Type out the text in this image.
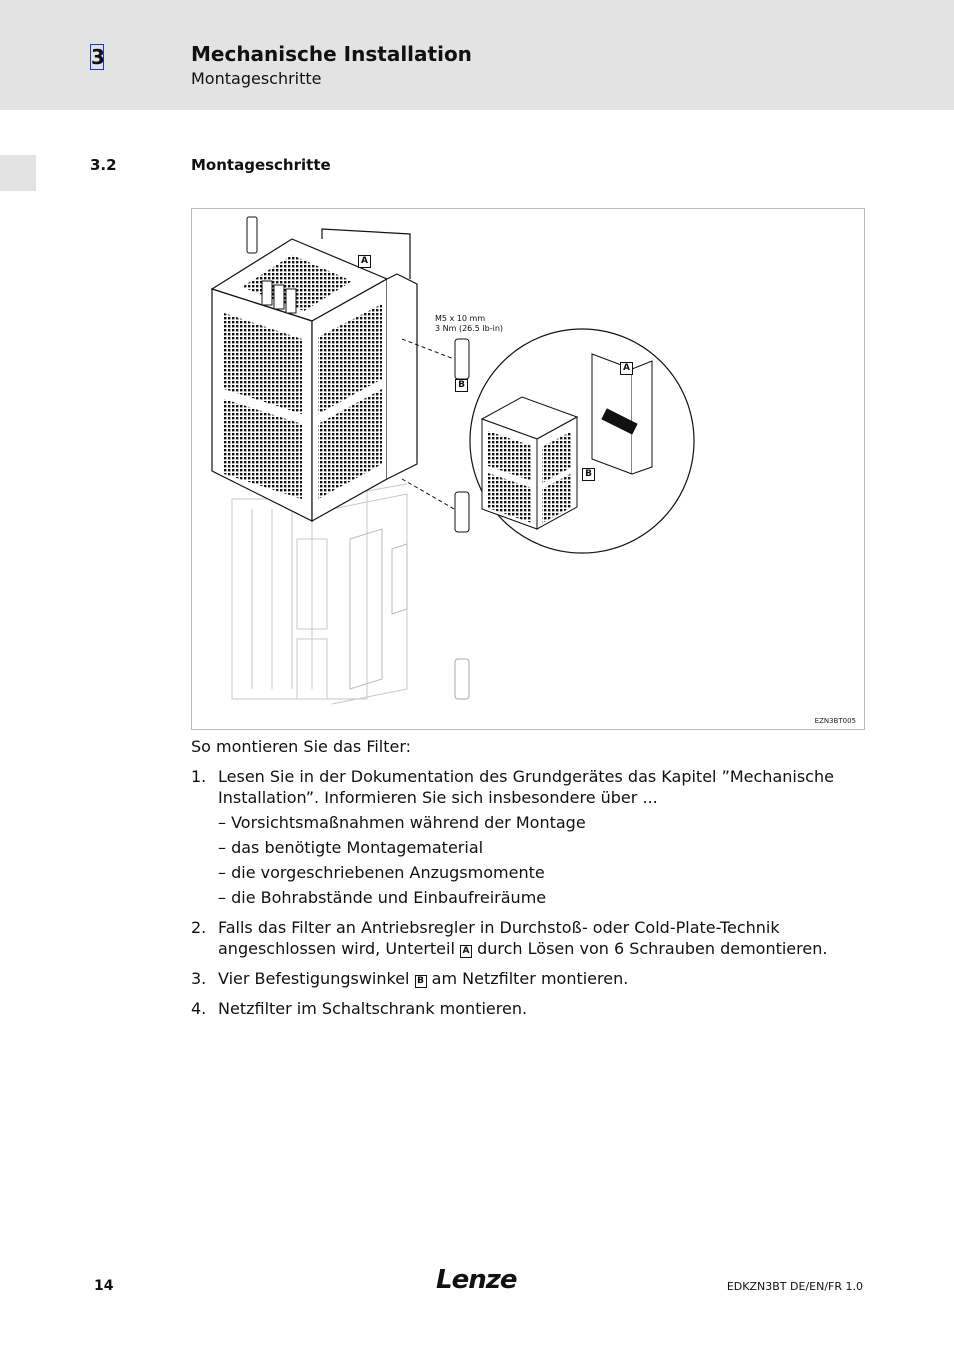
3	Mechanische Installation
Montageschritte
3.2	Montageschritte
M5 x 10 mm
3 Nm (26.5 lb-in)
A
B
A
B
EZN3BT005

So montieren Sie das Filter:

1. Lesen Sie in der Dokumentation des Grundgerätes das Kapitel ”Mechanische Installation”. Informieren Sie sich insbesondere über ...
– Vorsichtsmaßnahmen während der Montage
– das benötigte Montagematerial
– die vorgeschriebenen Anzugsmomente
– die Bohrabstände und Einbaufreiräume
2. Falls das Filter an Antriebsregler in Durchstoß- oder Cold-Plate-Technik angeschlossen wird, Unterteil A durch Lösen von 6 Schrauben demontieren.
3. Vier Befestigungswinkel B am Netzfilter montieren.
4. Netzfilter im Schaltschrank montieren.
14	Lenze	EDKZN3BT DE/EN/FR 1.0
